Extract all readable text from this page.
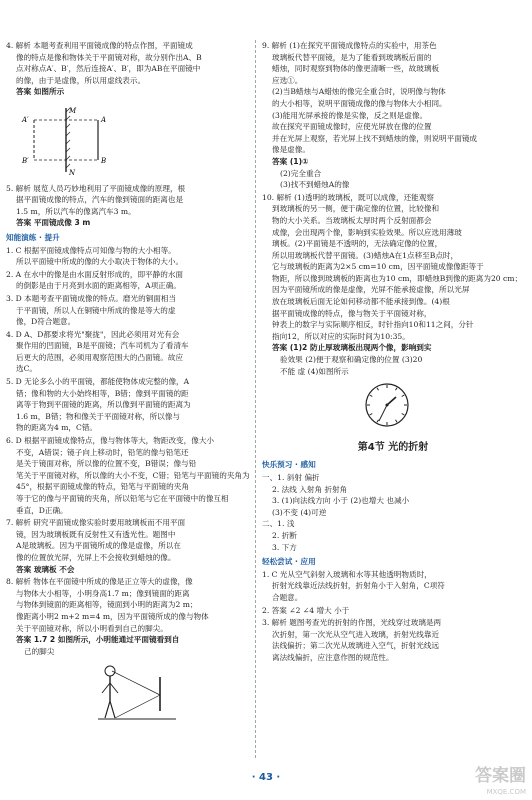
4. 解析 本题考查利用平面镜成像的特点作图，平面镜成

像的特点是像和物体关于平面镜对称，故分别作出A、B

点对称点A′、B′，然后连接A′、B′，即为AB在平面镜中

的像，由于是虚像，所以用虚线表示。

答案 如图所示

M
N
A
B
A′
B′

5. 解析 展览人员巧妙地利用了平面镜成像的原理，根

据平面镜成像的特点，汽车的像到镜面的距离也是

1.5 m，所以汽车的像离汽车3 m。

答案 平面镜成像 3 m

知能演练 · 提升

1. C 根据平面镜成像特点可知像与物的大小相等。

所以平面镜中所成的像的大小取决于物体的大小。

2. A 在水中的像是由水面反射形成的，即平静的水面

的倒影是由于月亮到水面的距离相等，A项正确。

3. D 本题考查平面镜成像的特点。磨光的铜面相当

于平面镜，所以人在铜镜中所成的像是等大的虚

像，D符合题意。

4. D A、D都要求将光"聚拢"，因此必须用对光有会

聚作用的凹面镜，B是平面镜；汽车司机为了看清车

后更大的范围，必须用观察范围大的凸面镜。故应

选C。

5. D 无论多么小的平面镜，都能使物体成完整的像，A

错；像和物的大小始终相等，B错；像到平面镜的距

离等于物到平面镜的距离，所以像到平面镜的距离为

1.6 m，B错；物和像关于平面镜对称，所以像与

物的距离为4 m，C错。

6. D 根据平面镜成像特点，像与物体等大，物距改变，像大小

不变，A错误；镜子向上移动时，铅笔的像与铅笔还

是关于镜面对称，所以像的位置不变，B错误；像与铅

笔关于平面镜对称，所以像的大小不变，C错；铅笔与平面镜的夹角为

45°，根据平面镜成像的特点，铅笔与平面镜的夹角

等于它的像与平面镜的夹角，所以铅笔与它在平面镜中的像互相

垂直，D正确。

7. 解析 研究平面镜成像实验时要用玻璃板而不用平面

镜，因为玻璃板既有反射性又有透光性。题图中

A是玻璃板。因为平面镜所成的像是虚像，所以在

像的位置放光屏，光屏上不会接收到蜡烛的像。

答案 玻璃板 不会

8. 解析 物体在平面镜中所成的像是正立等大的虚像，像

与物体大小相等，小明身高1.7 m；像到镜面的距离

与物体到镜面的距离相等，镜面到小明的距离为2 m；

像距离小明2 m+2 m=4 m，因为平面镜所成的像与物体

关于平面镜对称，所以小明看到自己的脚尖。

答案 1.7 2 如图所示，小明能通过平面镜看到自

己的脚尖

9. 解析 (1)在探究平面镜成像特点的实验中，用茶色

玻璃板代替平面镜，是为了能看到玻璃板后面的

蜡烛，同时观察到物体的像更清晰一些，故玻璃板

应选①。

(2)当B蜡烛与A蜡烛的像完全重合时，说明像与物体

的大小相等，说明平面镜成像的像与物体大小相同。

(3)能用光屏承接的像是实像，反之则是虚像。

故在探究平面镜成像时，应使光屏放在像的位置

并在光屏上观察，若光屏上找不到蜡烛的像，则说明平面镜成

像是虚像。

答案 (1)①

(2)完全重合

(3)找不到蜡烛A的像

10. 解析 (1)透明的玻璃板，既可以成像，还能观察

到玻璃板的另一侧，便于确定像的位置，比较像和

物的大小关系。当玻璃板太厚时两个反射面都会

成像，会出现两个像，影响到实验效果。所以应选用薄玻

璃板。(2)平面镜是不透明的，无法确定像的位置，

所以用玻璃板代替平面镜。(3)蜡烛A在1点移至B点时，

它与玻璃板的距离为2×5 cm=10 cm，因平面镜成像像距等于

物距，所以像到玻璃板的距离也为10 cm，即蜡烛B到像的距离为20 cm；

因为平面镜所成的像是虚像，光屏不能承接虚像，所以光屏

放在玻璃板后面无论如何移动都不能承接到像。(4)根

据平面镜成像的特点，像与物关于平面镜对称，

钟表上的数字与实际顺序相反，时针指向10和11之间，分针

指向12，所以对应的实际时间为10:35。

答案 (1)2 防止厚玻璃板出现两个像，影响到实

验效果 (2)便于观察和确定像的位置 (3)20

不能 虚 (4)如图所示

第4节 光的折射
快乐预习 · 感知

一、1. 斜射 偏折

2. 法线 入射角 折射角

3. (1)向法线方向 小于 (2)也增大 也减小

(3)不变 (4)可逆

二、1. 浅

2. 折断

3. 下方

轻松尝试 · 应用

1. C 光从空气斜射入玻璃和水等其他透明物质时，

折射光线靠近法线折射，折射角小于入射角，C项符

合题意。

2. 答案 ∠2 ∠4 增大 小于

3. 解析 题图考查光的折射的作图，光线穿过玻璃是两

次折射，第一次光从空气进入玻璃，折射光线靠近

法线偏折；第二次光从玻璃进入空气，折射光线远

离法线偏折，应注意作图的规范性。

· 43 ·	答案圈
MXQE.COM
